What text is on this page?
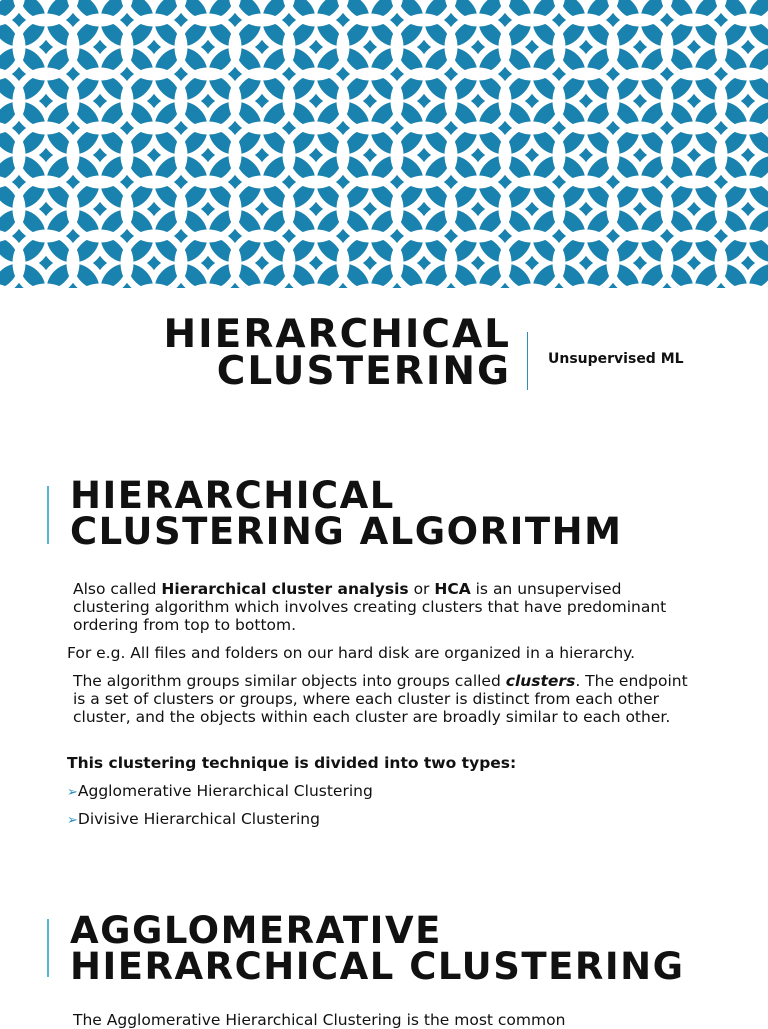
HIERARCHICAL
CLUSTERING	Unsupervised ML
HIERARCHICAL
CLUSTERING ALGORITHM
Also called Hierarchical cluster analysis or HCA is an unsupervised clustering algorithm which involves creating clusters that have predominant ordering from top to bottom.
For e.g. All files and folders on our hard disk are organized in a hierarchy.
The algorithm groups similar objects into groups called clusters. The endpoint is a set of clusters or groups, where each cluster is distinct from each other cluster, and the objects within each cluster are broadly similar to each other.
This clustering technique is divided into two types:
➢Agglomerative Hierarchical Clustering
➢Divisive Hierarchical Clustering
AGGLOMERATIVE
HIERARCHICAL CLUSTERING
The Agglomerative Hierarchical Clustering is the most common
